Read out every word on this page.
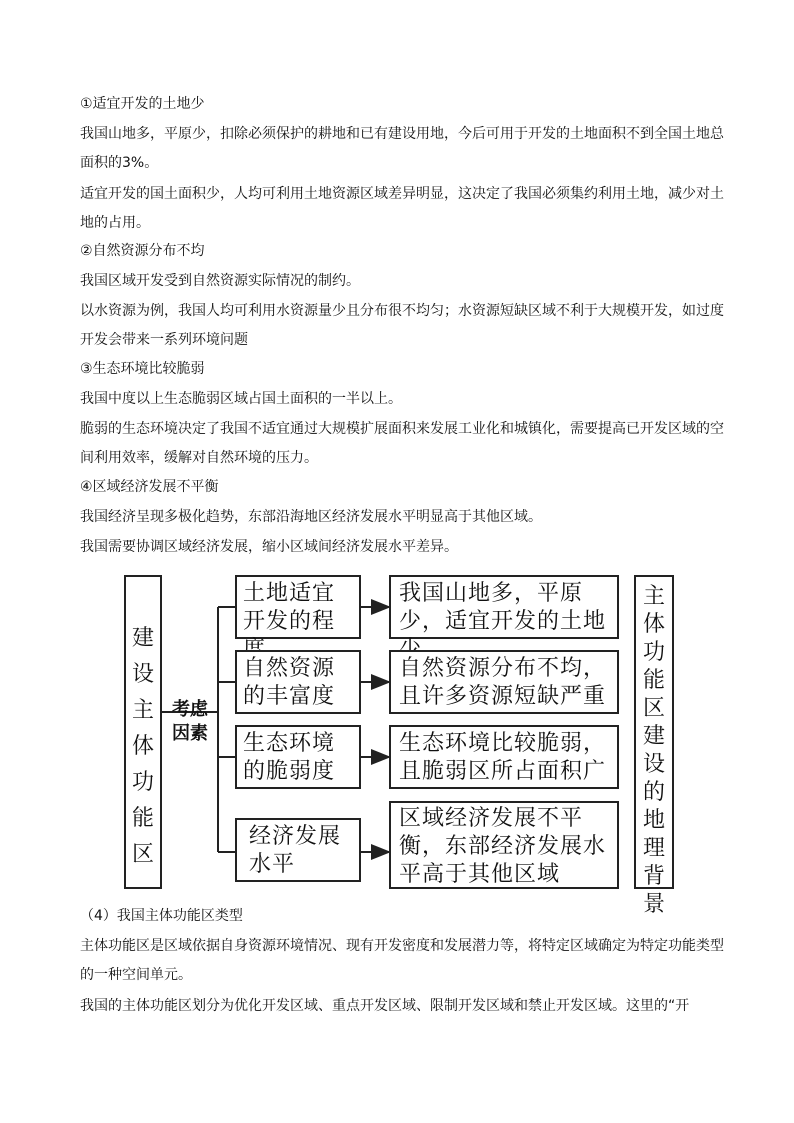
①适宜开发的土地少

我国山地多，平原少，扣除必须保护的耕地和已有建设用地，今后可用于开发的土地面积不到全国土地总面积的3%。

适宜开发的国土面积少，人均可利用土地资源区域差异明显，这决定了我国必须集约利用土地，减少对土地的占用。

②自然资源分布不均

我国区域开发受到自然资源实际情况的制约。

以水资源为例，我国人均可利用水资源量少且分布很不均匀；水资源短缺区域不利于大规模开发，如过度开发会带来一系列环境问题

③生态环境比较脆弱

我国中度以上生态脆弱区域占国土面积的一半以上。

脆弱的生态环境决定了我国不适宜通过大规模扩展面积来发展工业化和城镇化，需要提高已开发区域的空间利用效率，缓解对自然环境的压力。

④区域经济发展不平衡

我国经济呈现多极化趋势，东部沿海地区经济发展水平明显高于其他区域。

我国需要协调区域经济发展，缩小区域间经济发展水平差异。

建设主体功能区
考虑因素
土地适宜开发的程
自然资源的丰富度
生态环境的脆弱度
经济发展水平
我国山地多，平原少，适宜开发的土地
自然资源分布不均，且许多资源短缺严重
生态环境比较脆弱，且脆弱区所占面积广
区域经济发展不平衡，东部经济发展水平高于其他区域
主体功能区建设的地理背景

（4）我国主体功能区类型

主体功能区是区域依据自身资源环境情况、现有开发密度和发展潜力等，将特定区域确定为特定功能类型的一种空间单元。

我国的主体功能区划分为优化开发区域、重点开发区域、限制开发区域和禁止开发区域。这里的“开
